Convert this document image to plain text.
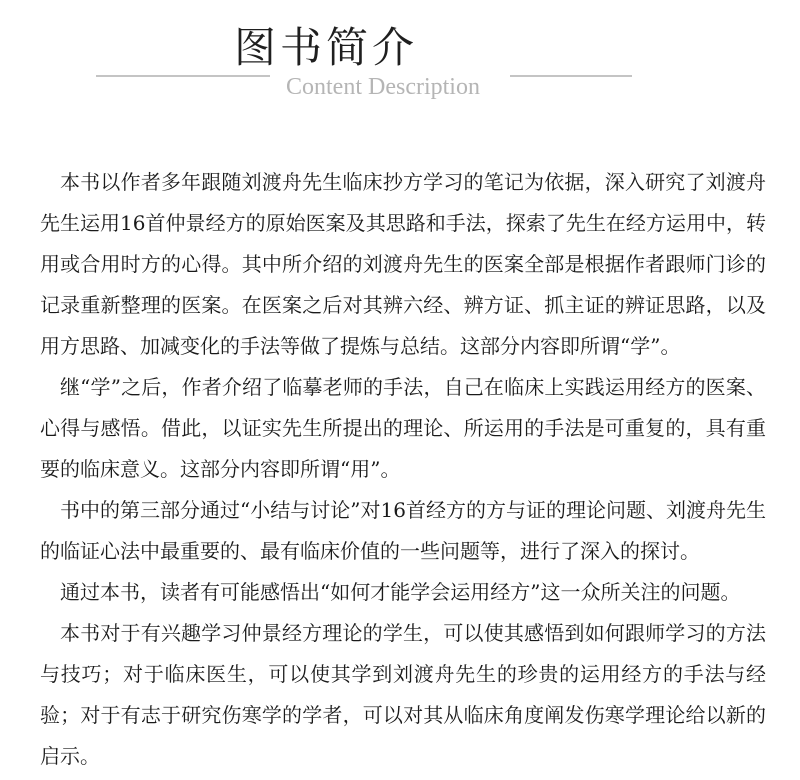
图书简介
Content Description

本书以作者多年跟随刘渡舟先生临床抄方学习的笔记为依据，深入研究了刘渡舟先生运用16首仲景经方的原始医案及其思路和手法，探索了先生在经方运用中，转用或合用时方的心得。其中所介绍的刘渡舟先生的医案全部是根据作者跟师门诊的记录重新整理的医案。在医案之后对其辨六经、辨方证、抓主证的辨证思路，以及用方思路、加减变化的手法等做了提炼与总结。这部分内容即所谓“学”。

继“学”之后，作者介绍了临摹老师的手法，自己在临床上实践运用经方的医案、心得与感悟。借此，以证实先生所提出的理论、所运用的手法是可重复的，具有重要的临床意义。这部分内容即所谓“用”。

书中的第三部分通过“小结与讨论”对16首经方的方与证的理论问题、刘渡舟先生的临证心法中最重要的、最有临床价值的一些问题等，进行了深入的探讨。

通过本书，读者有可能感悟出“如何才能学会运用经方”这一众所关注的问题。

本书对于有兴趣学习仲景经方理论的学生，可以使其感悟到如何跟师学习的方法与技巧；对于临床医生，可以使其学到刘渡舟先生的珍贵的运用经方的手法与经验；对于有志于研究伤寒学的学者，可以对其从临床角度阐发伤寒学理论给以新的启示。
